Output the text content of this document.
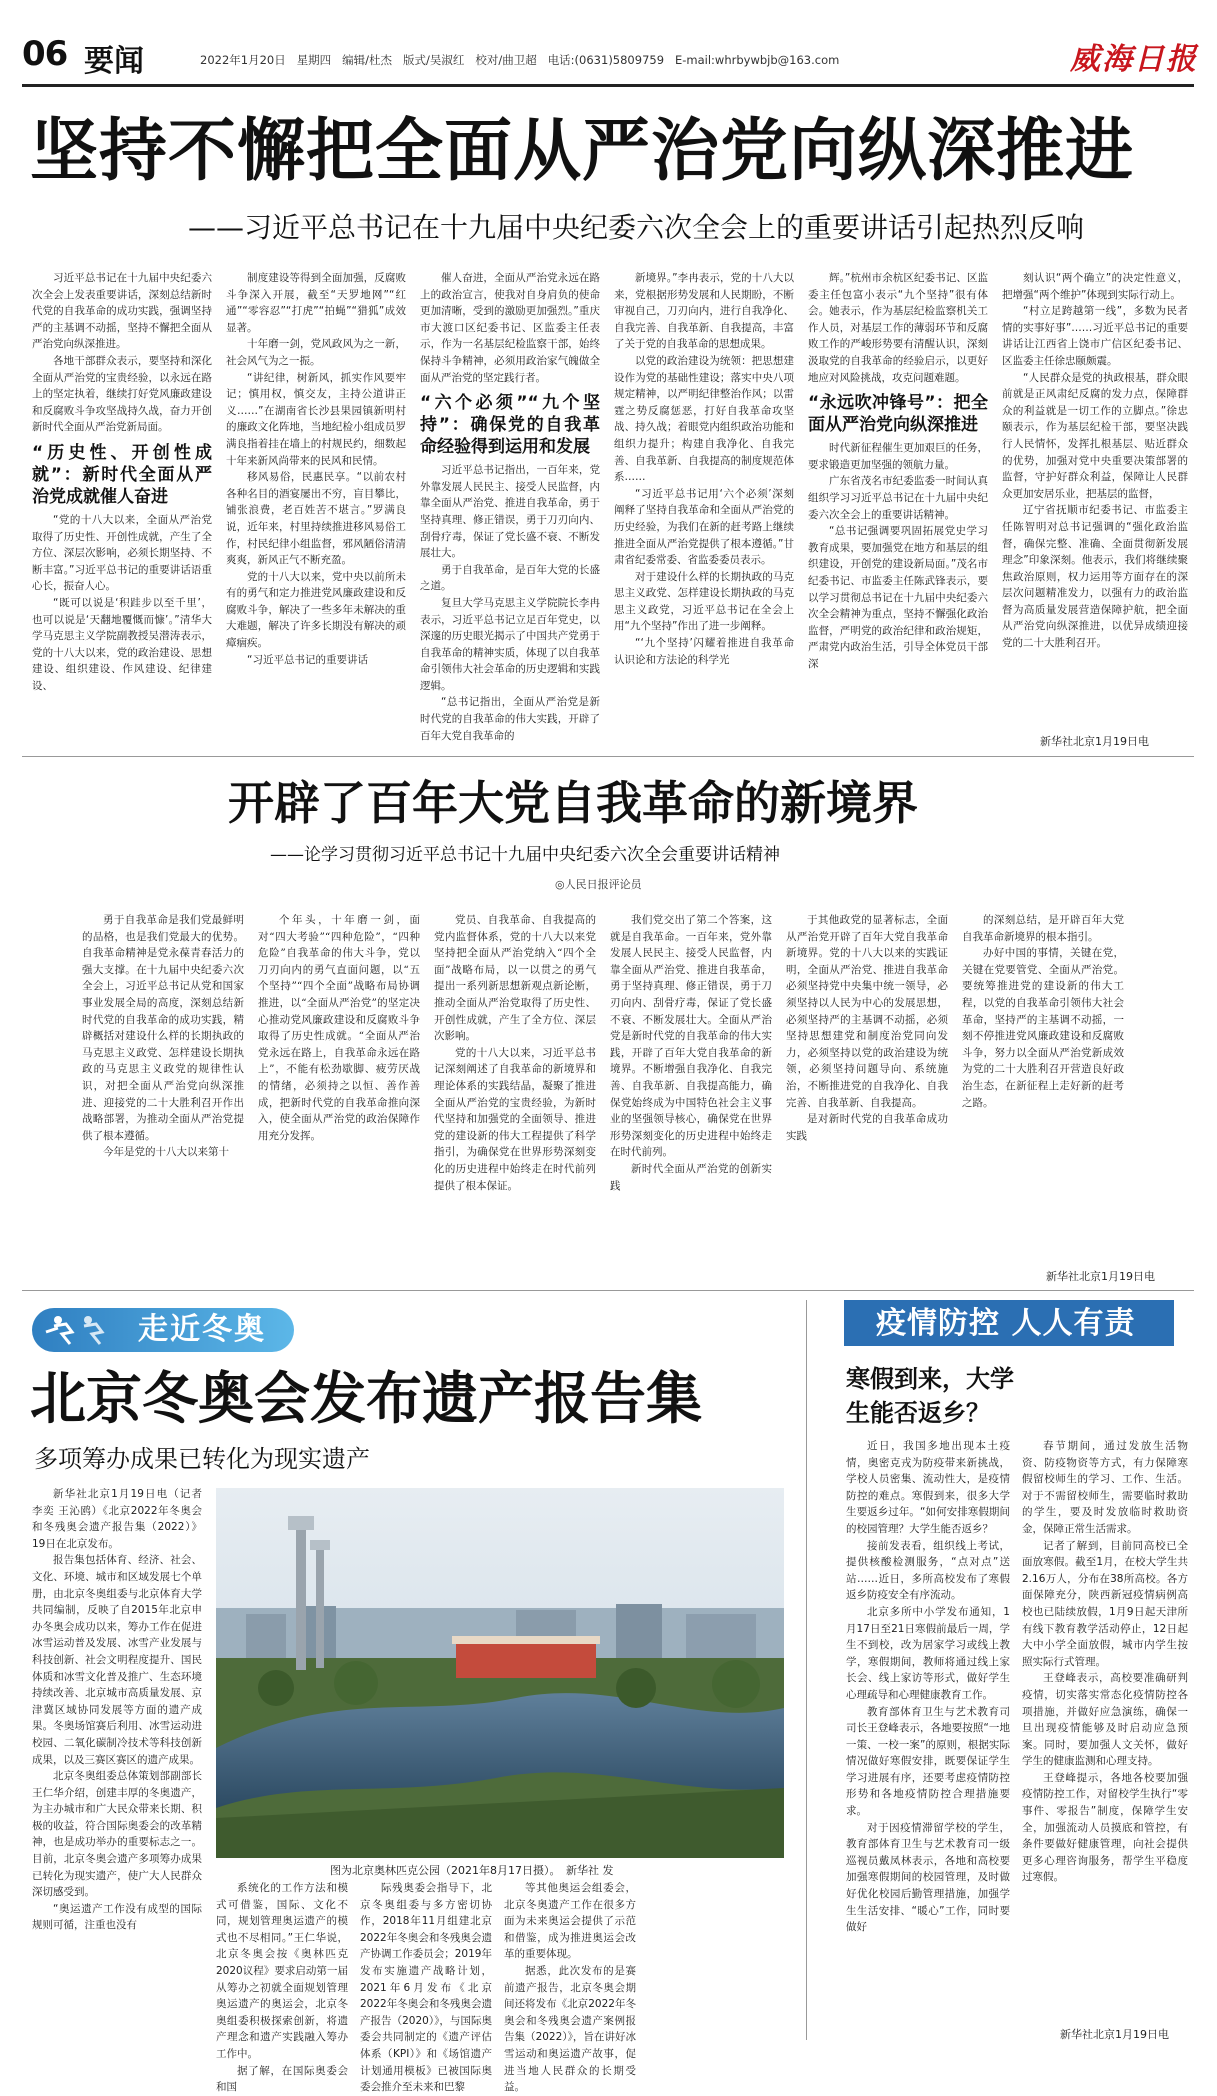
06 要闻	2022年1月20日 星期四 编辑/杜杰 版式/吴淑红 校对/曲卫超 电话:(0631)5809759 E-mail:whrbywbjb@163.com	威海日报
坚持不懈把全面从严治党向纵深推进
——习近平总书记在十九届中央纪委六次全会上的重要讲话引起热烈反响

习近平总书记在十九届中央纪委六次全会上发表重要讲话，深刻总结新时代党的自我革命的成功实践，强调坚持严的主基调不动摇，坚持不懈把全面从严治党向纵深推进。

各地干部群众表示，要坚持和深化全面从严治党的宝贵经验，以永远在路上的坚定执着，继续打好党风廉政建设和反腐败斗争攻坚战持久战，奋力开创新时代全面从严治党新局面。

“历史性、开创性成就”：新时代全面从严治党成就催人奋进

“党的十八大以来，全面从严治党取得了历史性、开创性成就，产生了全方位、深层次影响，必须长期坚持、不断丰富。”习近平总书记的重要讲话语重心长，振奋人心。

“既可以说是‘积跬步以至千里’，也可以说是‘天翻地覆慨而慷’。”清华大学马克思主义学院副教授吴潜涛表示，党的十八大以来，党的政治建设、思想建设、组织建设、作风建设、纪律建设、

制度建设等得到全面加强，反腐败斗争深入开展，截至“天罗地网”“红通”“零容忍”“打虎”“拍蝇”“猎狐”成效显著。

十年磨一剑，党风政风为之一新，社会风气为之一振。

“讲纪律，树新风，抓实作风要牢记；慎用权，慎交友，主持公道讲正义……”在湖南省长沙县果园镇新明村的廉政文化阵地，当地纪检小组成员罗满良指着挂在墙上的村规民约，细数起十年来新风尚带来的民风和民情。

移风易俗，民惠民享。“以前农村各种名目的酒宴屡出不穷，盲目攀比，铺张浪费，老百姓苦不堪言。”罗满良说，近年来，村里持续推进移风易俗工作，村民纪律小组监督，邪风陋俗清清爽爽，新风正气不断充盈。

党的十八大以来，党中央以前所未有的勇气和定力推进党风廉政建设和反腐败斗争，解决了一些多年未解决的重大难题，解决了许多长期没有解决的顽瘴痼疾。

“习近平总书记的重要讲话

催人奋进，全面从严治党永远在路上的政治宣言，使我对自身肩负的使命更加清晰，受到的激励更加强烈。”重庆市大渡口区纪委书记、区监委主任表示，作为一名基层纪检监察干部，始终保持斗争精神，必须用政治家气魄做全面从严治党的坚定践行者。

“六个必须”“九个坚持”：确保党的自我革命经验得到运用和发展

习近平总书记指出，一百年来，党外靠发展人民民主、接受人民监督，内靠全面从严治党、推进自我革命，勇于坚持真理、修正错误，勇于刀刃向内、刮骨疗毒，保证了党长盛不衰、不断发展壮大。

勇于自我革命，是百年大党的长盛之道。

复旦大学马克思主义学院院长李冉表示，习近平总书记立足百年党史，以深邃的历史眼光揭示了中国共产党勇于自我革命的精神实质，体现了以自我革命引领伟大社会革命的历史逻辑和实践逻辑。

“总书记指出，全面从严治党是新时代党的自我革命的伟大实践，开辟了百年大党自我革命的

新境界。”李冉表示，党的十八大以来，党根据形势发展和人民期盼，不断审视自己，刀刃向内，进行自我净化、自我完善、自我革新、自我提高，丰富了关于党的自我革命的思想成果。

以党的政治建设为统领：把思想建设作为党的基础性建设；落实中央八项规定精神，以严明纪律整治作风；以雷霆之势反腐惩恶，打好自我革命攻坚战、持久战；着眼党内组织政治功能和组织力提升；构建自我净化、自我完善、自我革新、自我提高的制度规范体系……

“习近平总书记用‘六个必须’深刻阐释了坚持自我革命和全面从严治党的历史经验，为我们在新的赶考路上继续推进全面从严治党提供了根本遵循。”甘肃省纪委常委、省监委委员表示。

对于建设什么样的长期执政的马克思主义政党、怎样建设长期执政的马克思主义政党，习近平总书记在全会上用“九个坚持”作出了进一步阐释。

“‘九个坚持’闪耀着推进自我革命认识论和方法论的科学光

辉。”杭州市余杭区纪委书记、区监委主任包富小表示“九个坚持”很有体会。她表示，作为基层纪检监察机关工作人员，对基层工作的薄弱环节和反腐败工作的严峻形势要有清醒认识，深刻汲取党的自我革命的经验启示，以更好地应对风险挑战，攻克问题难题。

“永远吹冲锋号”：把全面从严治党向纵深推进

时代新征程催生更加艰巨的任务，要求锻造更加坚强的领航力量。

广东省茂名市纪委监委一时间认真组织学习习近平总书记在十九届中央纪委六次全会上的重要讲话精神。

“总书记强调要巩固拓展党史学习教育成果，要加强党在地方和基层的组织建设，开创党的建设新局面。”茂名市纪委书记、市监委主任陈武锋表示，要以学习贯彻总书记在十九届中央纪委六次全会精神为重点，坚持不懈强化政治监督，严明党的政治纪律和政治规矩，严肃党内政治生活，引导全体党员干部深

刻认识“两个确立”的决定性意义，把增强“两个维护”体现到实际行动上。

“村立足跨越第一线”，多数为民者情的实事好事”……习近平总书记的重要讲话让江西省上饶市广信区纪委书记、区监委主任徐忠颐颇震。

“人民群众是党的执政根基，群众眼前就是正风肃纪反腐的发力点，保障群众的利益就是一切工作的立脚点。”徐忠颐表示，作为基层纪检干部，要坚决践行人民情怀，发挥扎根基层、贴近群众的优势，加强对党中央重要决策部署的监督，守护好群众利益，保障让人民群众更加安居乐业，把基层的监督，

辽宁省抚顺市纪委书记、市监委主任陈智明对总书记强调的“强化政治监督，确保完整、准确、全面贯彻新发展理念”印象深刻。他表示，我们将继续聚焦政治原则，权力运用等方面存在的深层次问题精准发力，以强有力的政治监督为高质量发展营造保障护航，把全面从严治党向纵深推进，以优异成绩迎接党的二十大胜利召开。

新华社北京1月19日电
开辟了百年大党自我革命的新境界
——论学习贯彻习近平总书记十九届中央纪委六次全会重要讲话精神
◎人民日报评论员

勇于自我革命是我们党最鲜明的品格，也是我们党最大的优势。自我革命精神是党永葆青春活力的强大支撑。在十九届中央纪委六次全会上，习近平总书记从党和国家事业发展全局的高度，深刻总结新时代党的自我革命的成功实践，精辟概括对建设什么样的长期执政的马克思主义政党、怎样建设长期执政的马克思主义政党的规律性认识，对把全面从严治党向纵深推进、迎接党的二十大胜利召开作出战略部署，为推动全面从严治党提供了根本遵循。

今年是党的十八大以来第十

个年头，十年磨一剑，面对“四大考验”“四种危险”，“四种危险”自我革命的伟大斗争，党以刀刃向内的勇气直面问题，以“五个坚持”“四个全面”战略布局协调推进，以“全面从严治党”的坚定决心推动党风廉政建设和反腐败斗争取得了历史性成就。“全面从严治党永远在路上，自我革命永远在路上”，不能有松劲歇脚、疲劳厌战的情绪，必须持之以恒、善作善成，把新时代党的自我革命推向深入，使全面从严治党的政治保障作用充分发挥。

党员、自我革命、自我提高的党内监督体系，党的十八大以来党坚持把全面从严治党纳入“四个全面”战略布局，以一以贯之的勇气提出一系列新思想新观点新论断，推动全面从严治党取得了历史性、开创性成就，产生了全方位、深层次影响。

党的十八大以来，习近平总书记深刻阐述了自我革命的新境界和理论体系的实践结晶，凝聚了推进全面从严治党的宝贵经验，为新时代坚持和加强党的全面领导、推进党的建设新的伟大工程提供了科学指引，为确保党在世界形势深刻变化的历史进程中始终走在时代前列提供了根本保证。

我们党交出了第二个答案，这就是自我革命。一百年来，党外靠发展人民民主、接受人民监督，内靠全面从严治党、推进自我革命，勇于坚持真理、修正错误，勇于刀刃向内、刮骨疗毒，保证了党长盛不衰、不断发展壮大。全面从严治党是新时代党的自我革命的伟大实践，开辟了百年大党自我革命的新境界。不断增强自我净化、自我完善、自我革新、自我提高能力，确保党始终成为中国特色社会主义事业的坚强领导核心，确保党在世界形势深刻变化的历史进程中始终走在时代前列。

新时代全面从严治党的创新实践

于其他政党的显著标志，全面从严治党开辟了百年大党自我革命新境界。党的十八大以来的实践证明，全面从严治党、推进自我革命必须坚持党中央集中统一领导，必须坚持以人民为中心的发展思想，必须坚持严的主基调不动摇，必须坚持思想建党和制度治党同向发力，必须坚持以党的政治建设为统领，必须坚持问题导向、系统施治，不断推进党的自我净化、自我完善、自我革新、自我提高。

是对新时代党的自我革命成功实践

的深刻总结，是开辟百年大党自我革命新境界的根本指引。

办好中国的事情，关键在党，关键在党要管党、全面从严治党。要统筹推进党的建设新的伟大工程，以党的自我革命引领伟大社会革命，坚持严的主基调不动摇，一刻不停推进党风廉政建设和反腐败斗争，努力以全面从严治党新成效为党的二十大胜利召开营造良好政治生态，在新征程上走好新的赶考之路。

新华社北京1月19日电
走近冬奥
北京冬奥会发布遗产报告集
多项筹办成果已转化为现实遗产

新华社北京1月19日电（记者 李奕 王沁鸥）《北京2022年冬奥会和冬残奥会遗产报告集（2022）》19日在北京发布。

报告集包括体育、经济、社会、文化、环境、城市和区域发展七个单册，由北京冬奥组委与北京体育大学共同编制，反映了自2015年北京申办冬奥会成功以来，筹办工作在促进冰雪运动普及发展、冰雪产业发展与科技创新、社会文明程度提升、国民体质和冰雪文化普及推广、生态环境持续改善、北京城市高质量发展、京津冀区域协同发展等方面的遗产成果。冬奥场馆赛后利用、冰雪运动进校园、二氧化碳制冷技术等科技创新成果，以及三赛区赛区的遗产成果。

北京冬奥组委总体策划部副部长王仁华介绍，创建丰厚的冬奥遗产，为主办城市和广大民众带来长期、积极的收益，符合国际奥委会的改革精神，也是成功举办的重要标志之一。目前，北京冬奥会遗产多项筹办成果已转化为现实遗产，使广大人民群众深切感受到。

“奥运遗产工作没有成型的国际规则可循，注重也没有

图为北京奥林匹克公园（2021年8月17日摄）。　新华社 发

系统化的工作方法和模式可借鉴，国际、文化不同，规划管理奥运遗产的模式也不尽相同。”王仁华说，北京冬奥会按《奥林匹克2020议程》要求启动第一届从筹办之初就全面规划管理奥运遗产的奥运会，北京冬奥组委积极探索创新，将遗产理念和遗产实践融入筹办工作中。

据了解，在国际奥委会和国

际残奥委会指导下，北京冬奥组委与多方密切协作，2018年11月组建北京2022年冬奥会和冬残奥会遗产协调工作委员会；2019年发布实施遗产战略计划，2021年6月发布《北京2022年冬奥会和冬残奥会遗产报告（2020）》，与国际奥委会共同制定的《遗产评估体系（KPI）》和《场馆遗产计划通用模板》已被国际奥委会推介至未来和巴黎

等其他奥运会组委会，北京冬奥遗产工作在很多方面为未来奥运会提供了示范和借鉴，成为推进奥运会改革的重要体现。

据悉，此次发布的是赛前遗产报告，北京冬奥会期间还将发布《北京2022年冬奥会和冬残奥会遗产案例报告集（2022）》，旨在讲好冰雪运动和奥运遗产故事，促进当地人民群众的长期受益。

疫情防控 人人有责
寒假到来，大学生能否返乡？

近日，我国多地出现本土疫情，奥密克戎为防疫带来新挑战，学校人员密集、流动性大，是疫情防控的难点。寒假到来，很多大学生要返乡过年。“如何安排寒假期间的校园管理？大学生能否返乡？

接前发表看，组织线上考试，提供核酸检测服务，“点对点”送站……近日，多所高校发布了寒假返乡防疫安全有序流动。

北京多所中小学发布通知，1月17日至21日寒假前最后一周，学生不到校，改为居家学习或线上教学，寒假期间，教师将通过线上家长会、线上家访等形式，做好学生心理疏导和心理健康教育工作。

教育部体育卫生与艺术教育司司长王登峰表示，各地要按照“一地一策、一校一案”的原则，根据实际情况做好寒假安排，既要保证学生学习进展有序，还要考虑疫情防控形势和各地疫情防控合理措施要求。

对于因疫情滞留学校的学生，教育部体育卫生与艺术教育司一级巡视员戴凤林表示，各地和高校要加强寒假期间的校园管理，及时做好优化校园后勤管理措施，加强学生生活安排、“暖心”工作，同时要做好

春节期间，通过发放生活物资、防疫物资等方式，有力保障寒假留校师生的学习、工作、生活。对于不需留校师生，需要临时救助的学生，要及时发放临时救助资金，保障正常生活需求。

记者了解到，目前同高校已全面放寒假。截至1月，在校大学生共2.16万人，分布在38所高校。各方面保障充分，陕西新冠疫情病例高校也已陆续放假，1月9日起天津所有线下教育教学活动停止，12日起大中小学全面放假，城市内学生按照实际行式管理。

王登峰表示，高校要准确研判疫情，切实落实常态化疫情防控各项措施，并做好应急演练，确保一旦出现疫情能够及时启动应急预案。同时，要加强人文关怀，做好学生的健康监测和心理支持。

王登峰提示，各地各校要加强疫情防控工作，对留校学生执行“零事件、零报告”制度，保障学生安全，加强流动人员摸底和管控，有条件要做好健康管理，向社会提供更多心理咨询服务，帮学生平稳度过寒假。

新华社北京1月19日电
